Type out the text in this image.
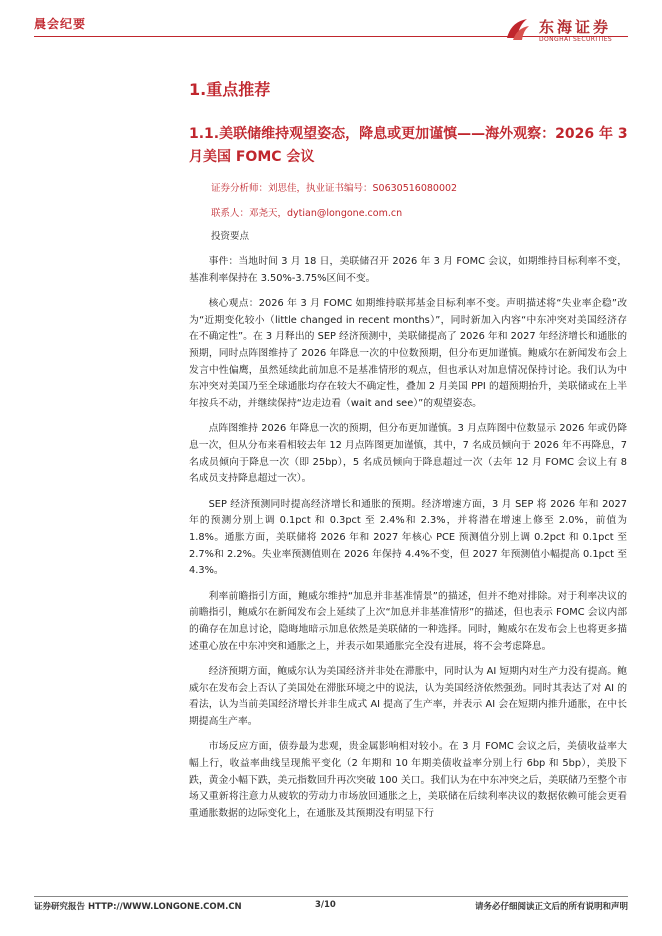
晨会纪要	东海证券
DONGHAI SECURITIES
1.重点推荐
1.1.美联储维持观望姿态，降息或更加谨慎——海外观察：2026 年 3 月美国 FOMC 会议
证券分析师：刘思佳，执业证书编号：S0630516080002
联系人：邓尧天，dytian@longone.com.cn
投资要点

事件：当地时间 3 月 18 日，美联储召开 2026 年 3 月 FOMC 会议，如期维持目标利率不变，基准利率保持在 3.50%-3.75%区间不变。

核心观点：2026 年 3 月 FOMC 如期维持联邦基金目标利率不变。声明描述将“失业率企稳”改为“近期变化较小（little changed in recent months）”，同时新加入内容“中东冲突对美国经济存在不确定性”。在 3 月释出的 SEP 经济预测中，美联储提高了 2026 年和 2027 年经济增长和通胀的预期，同时点阵图维持了 2026 年降息一次的中位数预期，但分布更加谨慎。鲍威尔在新闻发布会上发言中性偏鹰，虽然延续此前加息不是基准情形的观点，但也承认对加息情况保持讨论。我们认为中东冲突对美国乃至全球通胀均存在较大不确定性，叠加 2 月美国 PPI 的超预期抬升，美联储或在上半年按兵不动，并继续保持“边走边看（wait and see）”的观望姿态。

点阵图维持 2026 年降息一次的预期，但分布更加谨慎。3 月点阵图中位数显示 2026 年或仍降息一次，但从分布来看相较去年 12 月点阵图更加谨慎，其中，7 名成员倾向于 2026 年不再降息，7 名成员倾向于降息一次（即 25bp），5 名成员倾向于降息超过一次（去年 12 月 FOMC 会议上有 8 名成员支持降息超过一次）。

SEP 经济预测同时提高经济增长和通胀的预期。经济增速方面，3 月 SEP 将 2026 年和 2027 年的预测分别上调 0.1pct 和 0.3pct 至 2.4%和 2.3%，并将潜在增速上修至 2.0%，前值为 1.8%。通胀方面，美联储将 2026 年和 2027 年核心 PCE 预测值分别上调 0.2pct 和 0.1pct 至 2.7%和 2.2%。失业率预测值则在 2026 年保持 4.4%不变，但 2027 年预测值小幅提高 0.1pct 至 4.3%。

利率前瞻指引方面，鲍威尔维持“加息并非基准情景”的描述，但并不绝对排除。对于利率决议的前瞻指引，鲍威尔在新闻发布会上延续了上次“加息并非基准情形”的描述，但也表示 FOMC 会议内部的确存在加息讨论，隐晦地暗示加息依然是美联储的一种选择。同时，鲍威尔在发布会上也将更多描述重心放在中东冲突和通胀之上，并表示如果通胀完全没有进展，将不会考虑降息。

经济预期方面，鲍威尔认为美国经济并非处在滞胀中，同时认为 AI 短期内对生产力没有提高。鲍威尔在发布会上否认了美国处在滞胀环境之中的说法，认为美国经济依然强劲。同时其表达了对 AI 的看法，认为当前美国经济增长并非生成式 AI 提高了生产率，并表示 AI 会在短期内推升通胀，在中长期提高生产率。

市场反应方面，债券最为悲观，贵金属影响相对较小。在 3 月 FOMC 会议之后，美债收益率大幅上行，收益率曲线呈现熊平变化（2 年期和 10 年期美债收益率分别上行 6bp 和 5bp），美股下跌，黄金小幅下跌，美元指数回升再次突破 100 关口。我们认为在中东冲突之后，美联储乃至整个市场又重新将注意力从疲软的劳动力市场放回通胀之上，美联储在后续利率决议的数据依赖可能会更看重通胀数据的边际变化上，在通胀及其预期没有明显下行

证券研究报告 HTTP://WWW.LONGONE.COM.CN	3/10	请务必仔细阅读正文后的所有说明和声明
